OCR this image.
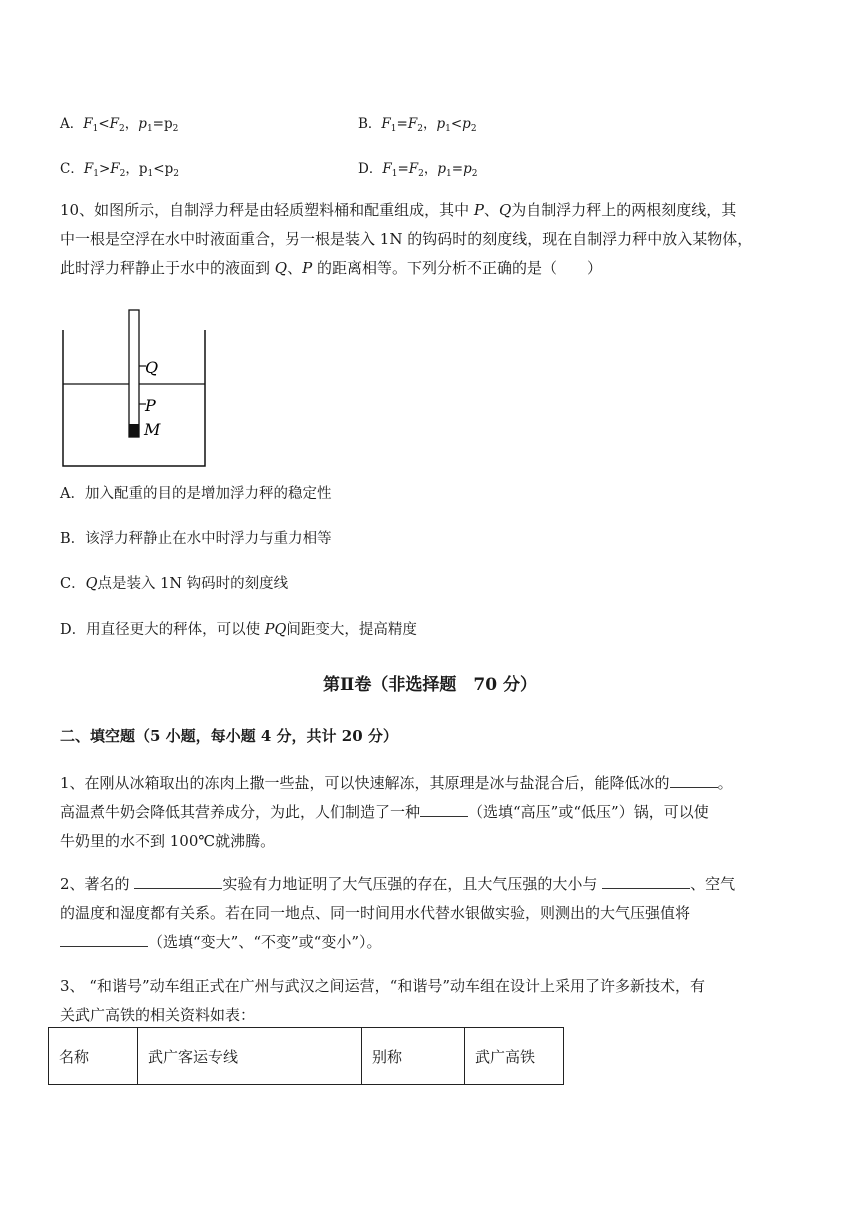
A．$F_1<F_2$，$p_1=p_2$	B．$F_1=F_2$，$p_1<p_2$
C．$F_1>F_2$，$p_1<p_2$	D．$F_1=F_2$，$p_1=p_2$
10、如图所示，自制浮力秤是由轻质塑料桶和配重组成，其中 P、Q为自制浮力秤上的两根刻度线，其
中一根是空浮在水中时液面重合，另一根是装入 1N 的钩码时的刻度线，现在自制浮力秤中放入某物体，
此时浮力秤静止于水中的液面到 Q、P 的距离相等。下列分析不正确的是（　　）
Q
P
M
A．加入配重的目的是增加浮力秤的稳定性
B．该浮力秤静止在水中时浮力与重力相等
C．Q点是装入 1N 钩码时的刻度线
D．用直径更大的秤体，可以使 PQ间距变大，提高精度
第Ⅱ卷（非选择题　70 分）
二、填空题（5 小题，每小题 4 分，共计 20 分）
1、在刚从冰箱取出的冻肉上撒一些盐，可以快速解冻，其原理是冰与盐混合后，能降低冰的	。
高温煮牛奶会降低其营养成分，为此，人们制造了一种	（选填“高压”或“低压”）锅，可以使
牛奶里的水不到 100℃就沸腾。
2、著名的	实验有力地证明了大气压强的存在，且大气压强的大小与	、空气
的温度和湿度都有关系。若在同一地点、同一时间用水代替水银做实验，则测出的大气压强值将
（选填“变大”、“不变”或“变小”）。
3、 “和谐号”动车组正式在广州与武汉之间运营，“和谐号”动车组在设计上采用了许多新技术，有
关武广高铁的相关资料如表：
名称	武广客运专线	别称	武广高铁
